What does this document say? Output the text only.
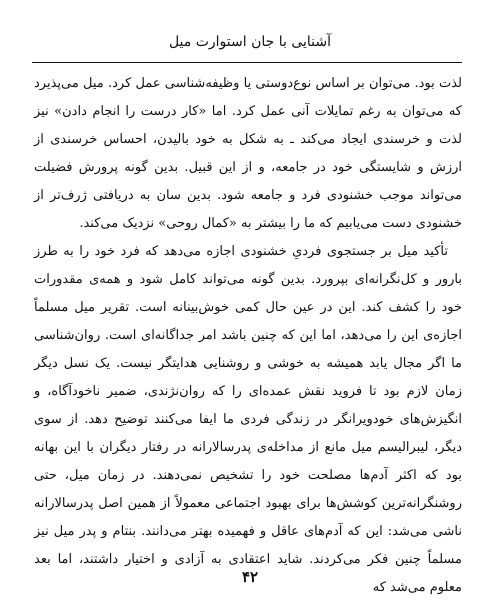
آشنایی با جان استوارت میل

لذت بود. می‌توان بر اساس نوع‌دوستی یا وظیفه‌شناسی عمل کرد. میل می‌پذیرد که می‌توان به رغم تمایلات آنی عمل کرد. اما «کار درست را انجام دادن» نیز لذت و خرسندی ایجاد می‌کند ـ به شکل به خود بالیدن، احساس خرسندی از ارزش و شایستگی خود در جامعه، و از این قبیل. بدین گونه پرورش فضیلت می‌تواند موجب خشنودی فرد و جامعه شود. بدین سان به دریافتی ژرف‌تر از خشنودی دست می‌یابیم که ما را بیشتر به «کمال روحی» نزدیک می‌کند.

تأکید میل بر جستجوی فردیِ خشنودی اجازه می‌دهد که فرد خود را به طرز بارور و کل‌نگرانه‌ای بپرورد. بدین گونه می‌تواند کامل شود و همه‌ی مقدورات خود را کشف کند. این در عین حال کمی خوش‌بینانه است. تقریر میل مسلماً اجازه‌ی این را می‌دهد، اما این که چنین باشد امر جداگانه‌ای است. روان‌شناسی ما اگر مجال یابد همیشه به خوشی و روشنایی هدایتگر نیست. یک نسل دیگر زمان لازم بود تا فروید نقش عمده‌ای را که روان‌نژندی، ضمیر ناخودآگاه، و انگیزش‌های خودویرانگر در زندگی فردی ما ایفا می‌کنند توضیح دهد. از سوی دیگر، لیبرالیسم میل مانع از مداخله‌ی پدرسالارانه در رفتار دیگران با این بهانه بود که اکثر آدم‌ها مصلحت خود را تشخیص نمی‌دهند. در زمان میل، حتی روشنگرانه‌ترین کوشش‌ها برای بهبود اجتماعی معمولاً از همین اصل پدرسالارانه ناشی می‌شد: این که آدم‌های عاقل و فهمیده بهتر می‌دانند. بنتام و پدر میل نیز مسلماً چنین فکر می‌کردند. شاید اعتقادی به آزادی و اختیار داشتند، اما بعد معلوم می‌شد که

۴۲
